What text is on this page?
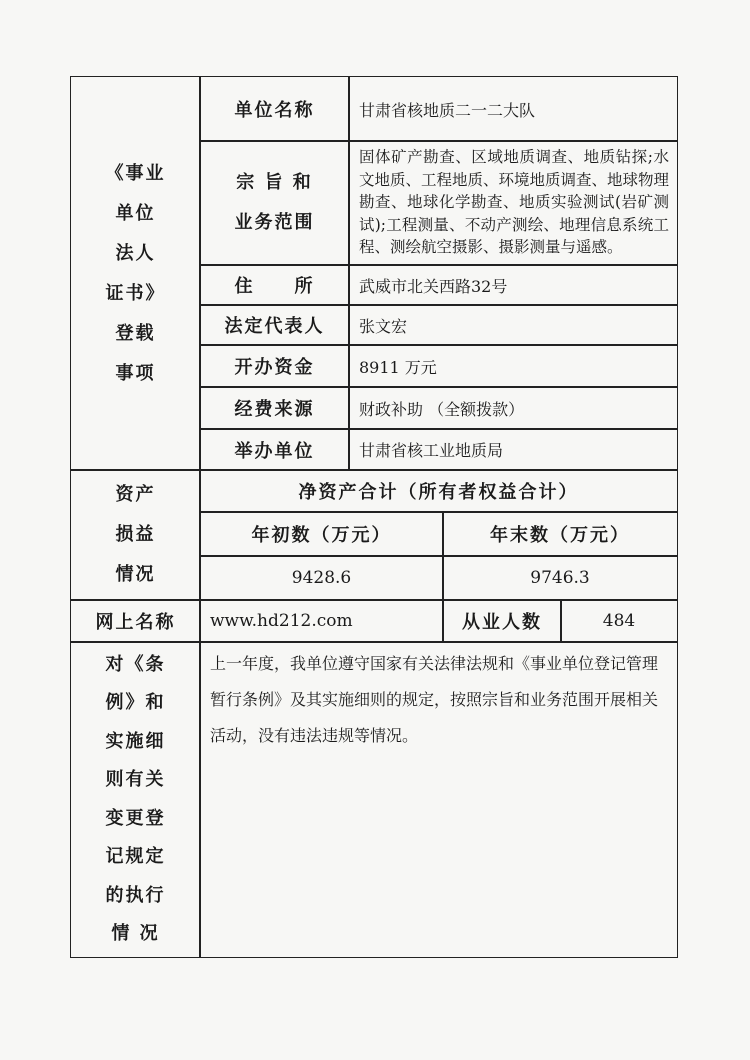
《事业
单位
法人
证书》
登载
事项
单位名称	甘肃省核地质二一二大队
宗 旨 和
业务范围
固体矿产勘查、区域地质调查、地质钻探;水文地质、工程地质、环境地质调查、地球物理勘查、地球化学勘查、地质实验测试(岩矿测试);工程测量、不动产测绘、地理信息系统工程、测绘航空摄影、摄影测量与遥感。
住　　所	武威市北关西路32号
法定代表人 张文宏
开办资金	8911 万元
经费来源	财政补助 （全额拨款）
举办单位	甘肃省核工业地质局
资产
损益
情况
净资产合计（所有者权益合计）
年初数（万元）	年末数（万元）
9428.6	9746.3
网上名称 www.hd212.com	从业人数	484
对《条
例》和
实施细
则有关
变更登
记规定
的执行
情 况
上一年度，我单位遵守国家有关法律法规和《事业单位登记管理暂行条例》及其实施细则的规定，按照宗旨和业务范围开展相关活动，没有违法违规等情况。
